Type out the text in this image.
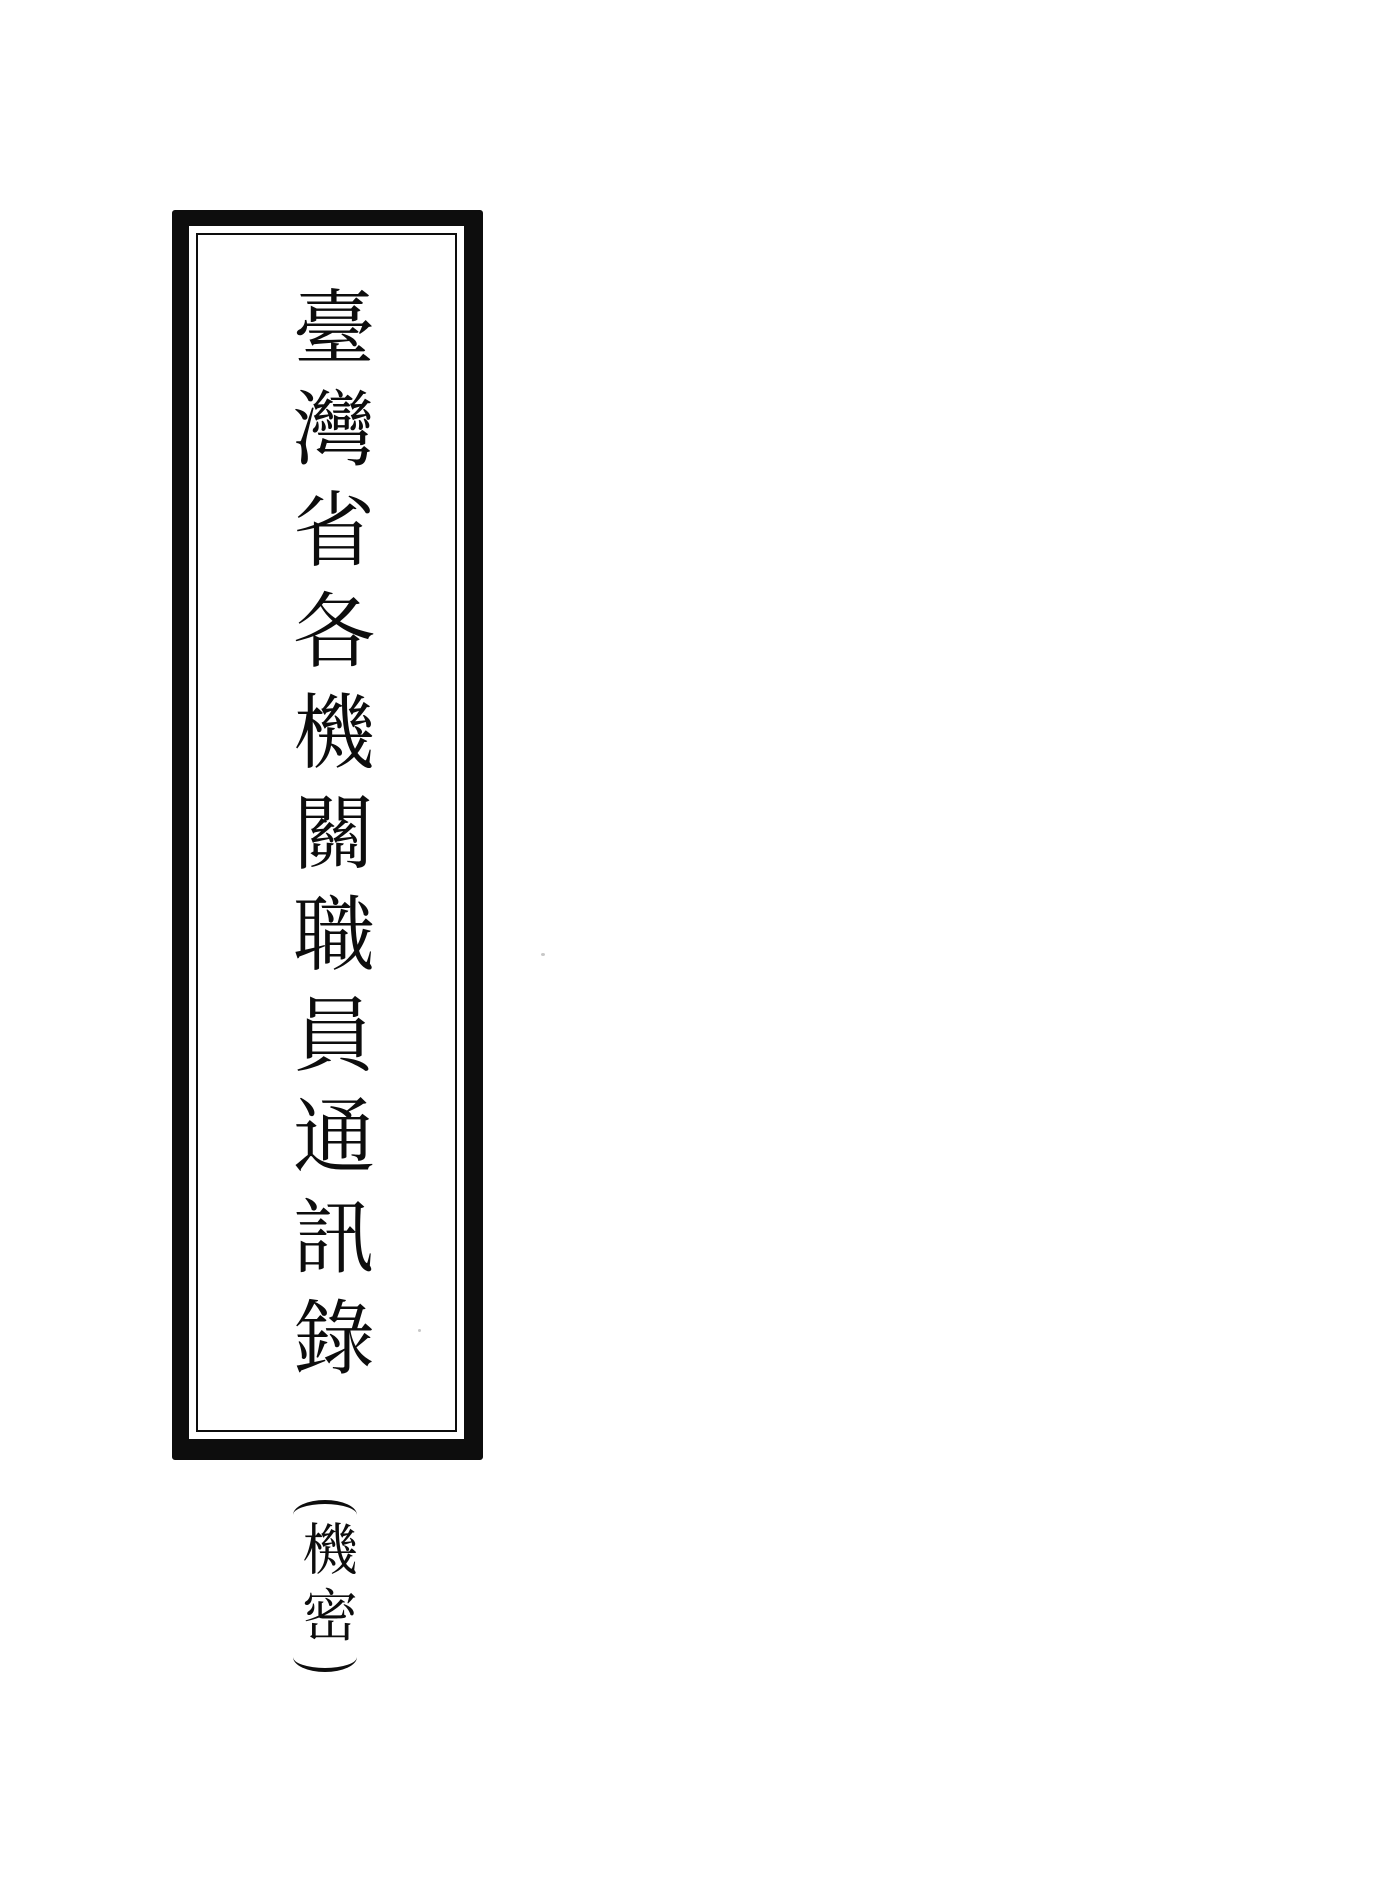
臺灣省各機關職員通訊錄
機密
